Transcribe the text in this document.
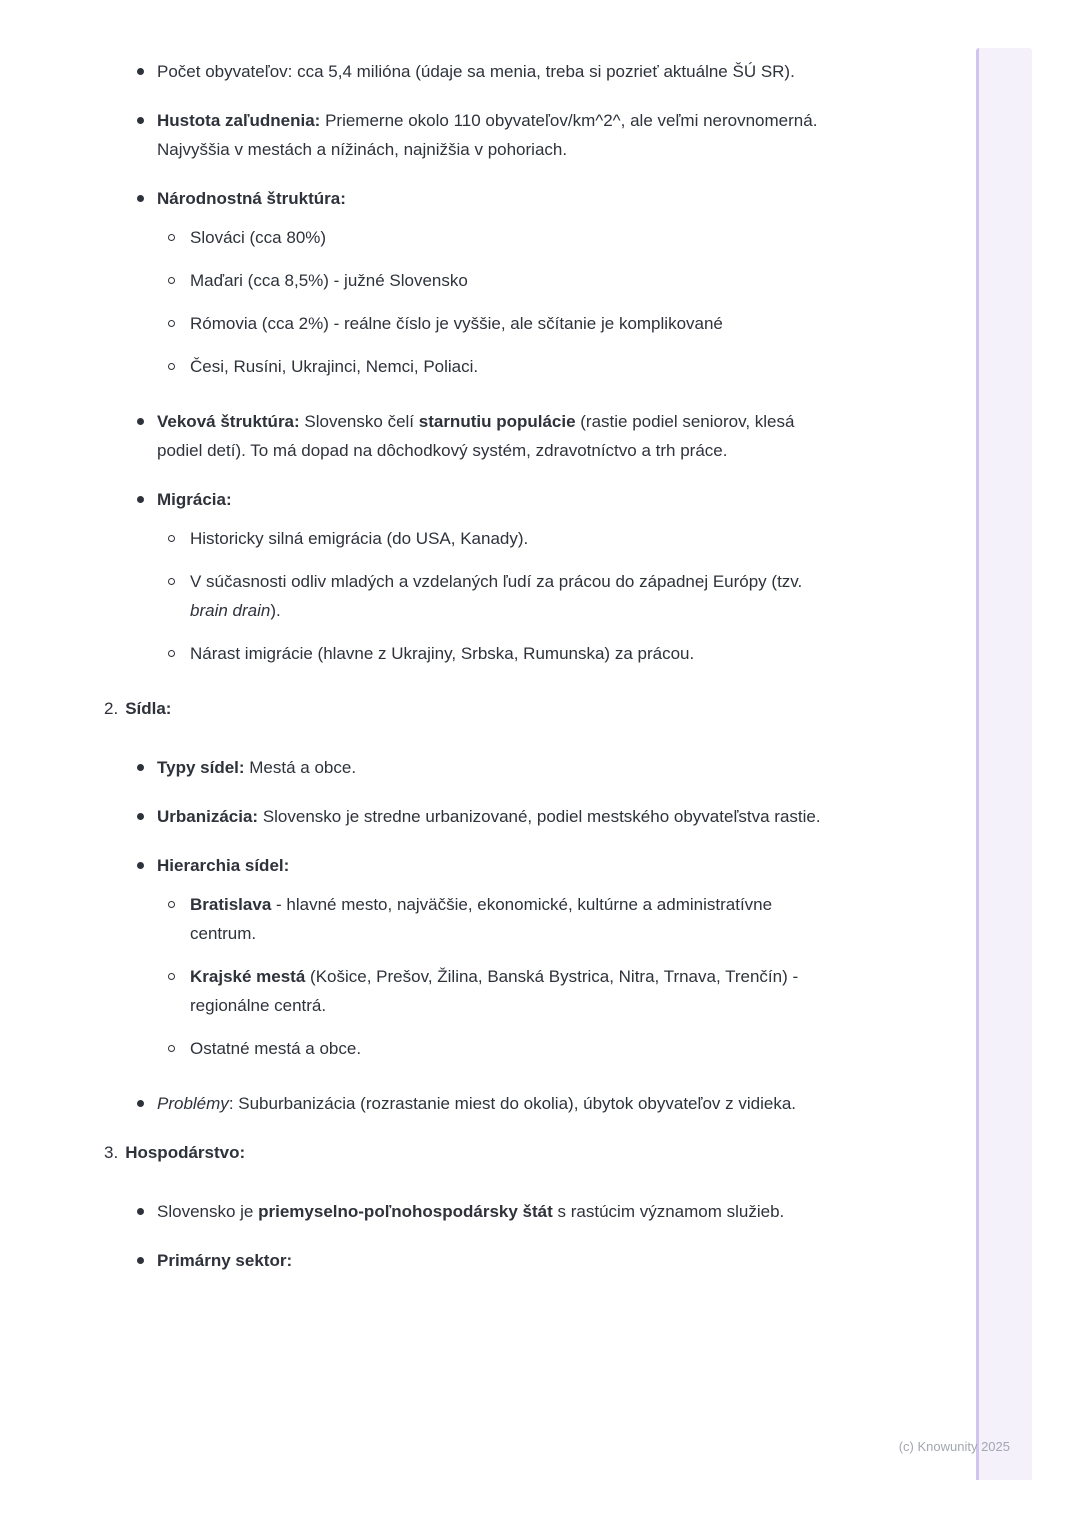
Počet obyvateľov: cca 5,4 milióna (údaje sa menia, treba si pozrieť aktuálne ŠÚ SR).
Hustota zaľudnenia: Priemerne okolo 110 obyvateľov/km^2^, ale veľmi nerovnomerná. Najvyššia v mestách a nížinách, najnižšia v pohoriach.
Národnostná štruktúra:
Slováci (cca 80%)
Maďari (cca 8,5%) - južné Slovensko
Rómovia (cca 2%) - reálne číslo je vyššie, ale sčítanie je komplikované
Česi, Rusíni, Ukrajinci, Nemci, Poliaci.
Veková štruktúra: Slovensko čelí starnutiu populácie (rastie podiel seniorov, klesá podiel detí). To má dopad na dôchodkový systém, zdravotníctvo a trh práce.
Migrácia:
Historicky silná emigrácia (do USA, Kanady).
V súčasnosti odliv mladých a vzdelaných ľudí za prácou do západnej Európy (tzv. brain drain).
Nárast imigrácie (hlavne z Ukrajiny, Srbska, Rumunska) za prácou.
2. Sídla:
Typy sídel: Mestá a obce.
Urbanizácia: Slovensko je stredne urbanizované, podiel mestského obyvateľstva rastie.
Hierarchia sídel:
Bratislava - hlavné mesto, najväčšie, ekonomické, kultúrne a administratívne centrum.
Krajské mestá (Košice, Prešov, Žilina, Banská Bystrica, Nitra, Trnava, Trenčín) - regionálne centrá.
Ostatné mestá a obce.
Problémy: Suburbanizácia (rozrastanie miest do okolia), úbytok obyvateľov z vidieka.
3. Hospodárstvo:
Slovensko je priemyselno-poľnohospodársky štát s rastúcim významom služieb.
Primárny sektor:
(c) Knowunity 2025
